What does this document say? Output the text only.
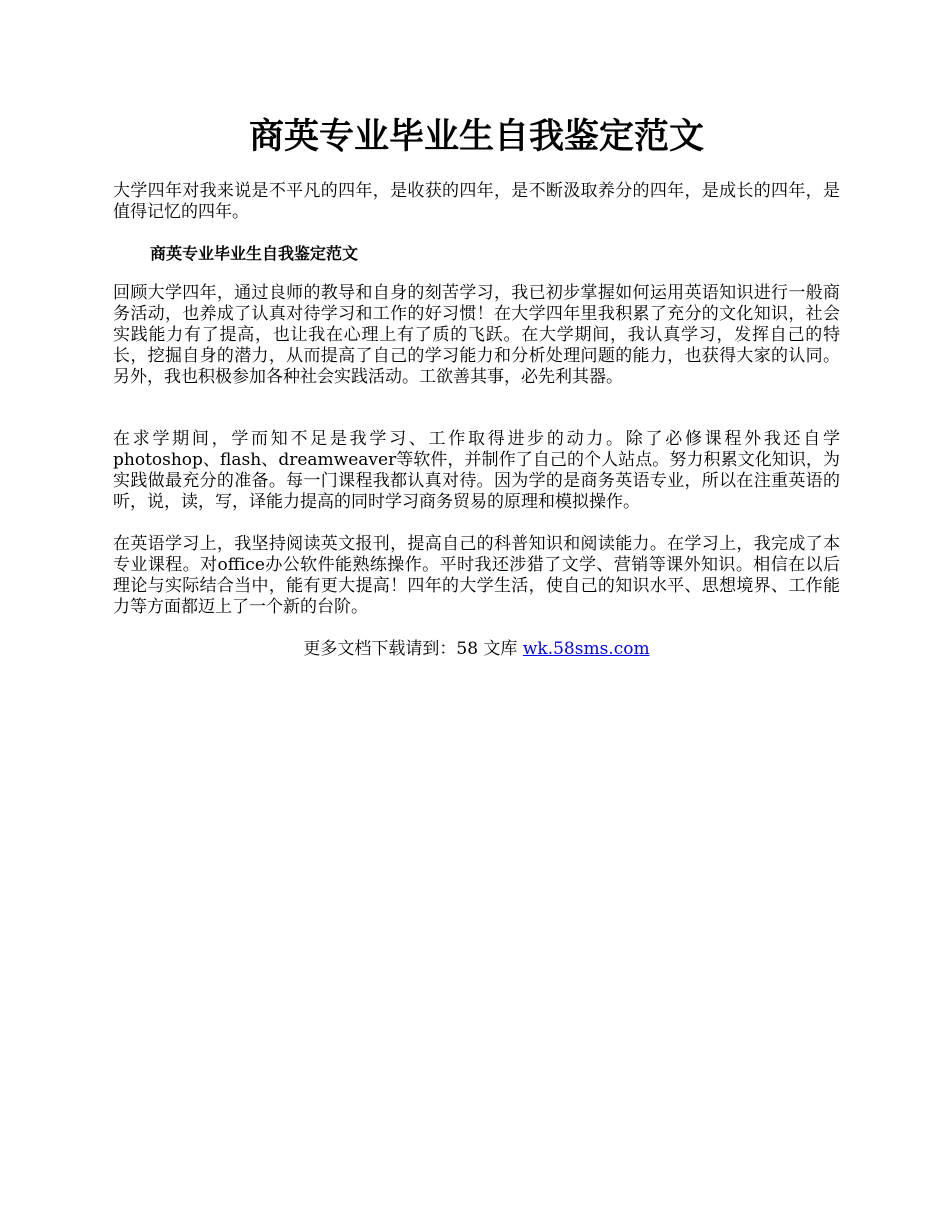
商英专业毕业生自我鉴定范文

大学四年对我来说是不平凡的四年，是收获的四年，是不断汲取养分的四年，是成长的四年，是值得记忆的四年。

商英专业毕业生自我鉴定范文

回顾大学四年，通过良师的教导和自身的刻苦学习，我已初步掌握如何运用英语知识进行一般商务活动，也养成了认真对待学习和工作的好习惯！在大学四年里我积累了充分的文化知识，社会实践能力有了提高，也让我在心理上有了质的飞跃。在大学期间，我认真学习，发挥自己的特长，挖掘自身的潜力，从而提高了自己的学习能力和分析处理问题的能力，也获得大家的认同。另外，我也积极参加各种社会实践活动。工欲善其事，必先利其器。

在求学期间，学而知不足是我学习、工作取得进步的动力。除了必修课程外我还自学photoshop、flash、dreamweaver等软件，并制作了自己的个人站点。努力积累文化知识，为实践做最充分的准备。每一门课程我都认真对待。因为学的是商务英语专业，所以在注重英语的听，说，读，写，译能力提高的同时学习商务贸易的原理和模拟操作。

在英语学习上，我坚持阅读英文报刊，提高自己的科普知识和阅读能力。在学习上，我完成了本专业课程。对office办公软件能熟练操作。平时我还涉猎了文学、营销等课外知识。相信在以后理论与实际结合当中，能有更大提高！四年的大学生活，使自己的知识水平、思想境界、工作能力等方面都迈上了一个新的台阶。

更多文档下载请到：58 文库 wk.58sms.com
